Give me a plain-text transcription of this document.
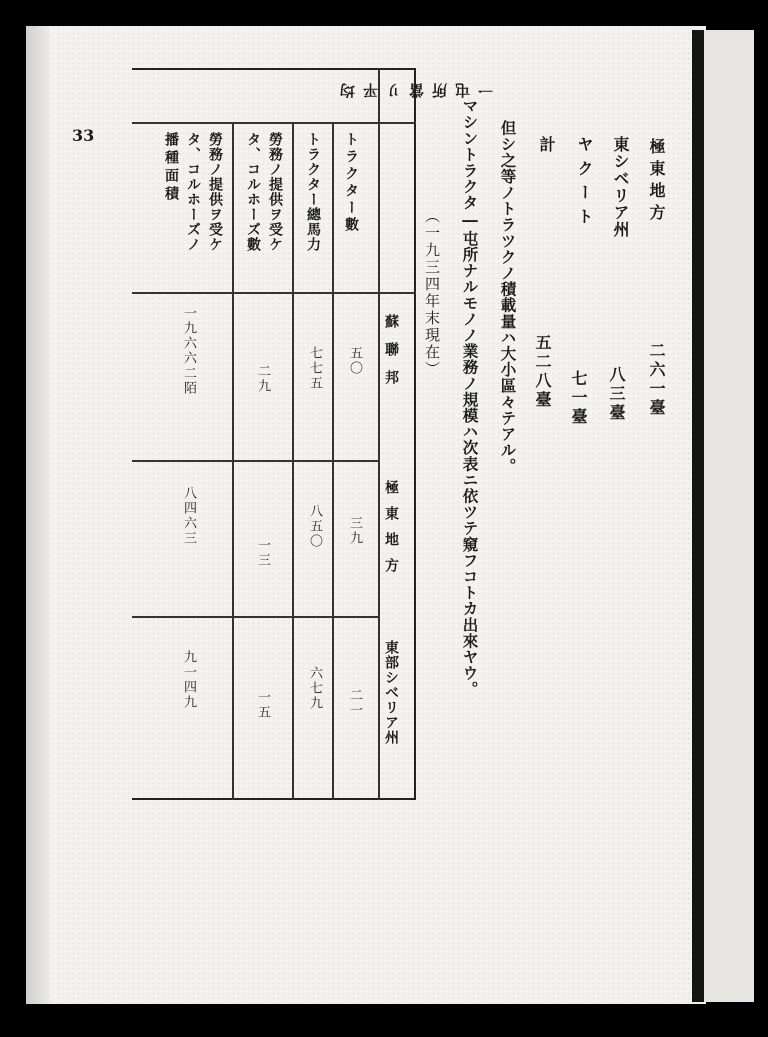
33
極東地方
二六一臺
東シベリア州
八三臺
ヤクート
七一臺
計
五二八臺
但シ之等ノトラツクノ積載量ハ大小區々テアル。
マシントラクタ―屯所ナルモノノ業務ノ規模ハ次表ニ依ツテ窺フコトカ出來ヤウ。
（一九三四年末現在）
一屯所當リ平均
蘇聯邦
極東地方
東部シベリア州
トラクター數
トラクター總馬力
勞務ノ提供ヲ受ケ
タ、コルホーズ數
勞務ノ提供ヲ受ケ
タ、コルホーズノ
播種面積
五〇
七七五
二九
一九六六二陌
三九
八五〇
一三
八四六三
二一
六七九
一五
九一四九
